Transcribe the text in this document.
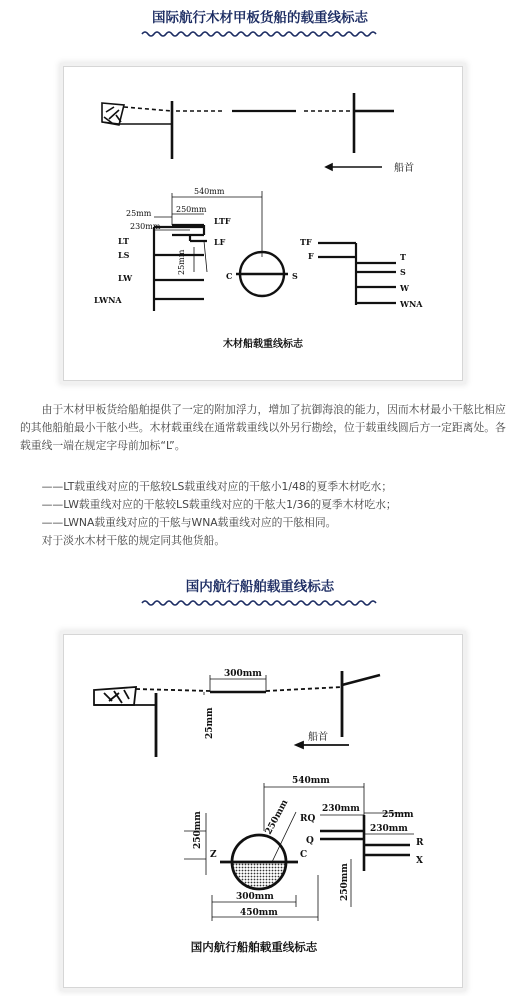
国际航行木材甲板货船的载重线标志
船首
540mm
250mm
25mm
230mm
25mm
LTF
LF
LT
LS
LW
LWNA
C	S
TF
F	T
S
W
WNA
木材船载重线标志

由于木材甲板货给船舶提供了一定的附加浮力，增加了抗御海浪的能力，因而木材最小干舷比相应的其他船舶最小干舷小些。木材载重线在通常载重线以外另行勘绘，位于载重线圆后方一定距离处。各载重线一端在规定字母前加标“L”。

——LT载重线对应的干舷较LS载重线对应的干舷小1/48的夏季木材吃水；

——LW载重线对应的干舷较LS载重线对应的干舷大1/36的夏季木材吃水；

——LWNA载重线对应的干舷与WNA载重线对应的干舷相同。

对于淡水木材干舷的规定同其他货船。

国内航行船舶载重线标志
300mm
25mm	船首
540mm
230mm
25mm
230mm
250mm
250mm
250mm
300mm
450mm
Z	C
RQ
Q	R
X
国内航行船舶载重线标志
